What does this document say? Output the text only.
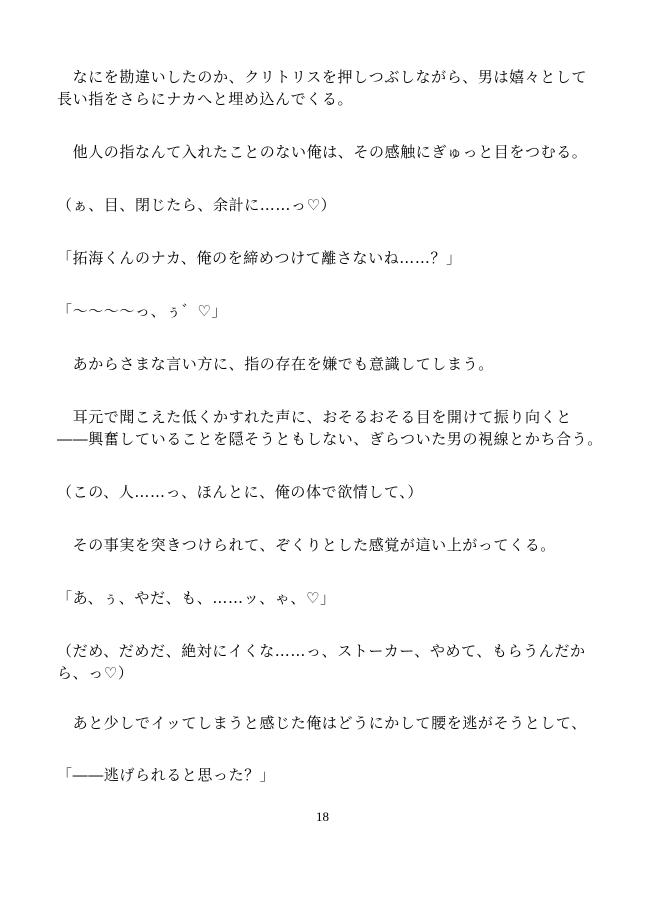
　なにを勘違いしたのか、クリトリスを押しつぶしながら、男は嬉々として
長い指をさらにナカへと埋め込んでくる。
　他人の指なんて入れたことのない俺は、その感触にぎゅっと目をつむる。
（ぁ、目、閉じたら、余計に……っ♡）
「拓海くんのナカ、俺のを締めつけて離さないね……？」
「～～～～っ、ぅ゛♡」
　あからさまな言い方に、指の存在を嫌でも意識してしまう。
　耳元で聞こえた低くかすれた声に、おそるおそる目を開けて振り向くと
――興奮していることを隠そうともしない、ぎらついた男の視線とかち合う。
（この、人……っ、ほんとに、俺の体で欲情して、）
　その事実を突きつけられて、ぞくりとした感覚が這い上がってくる。
「あ、ぅ、やだ、も、……ッ、ゃ、♡」
（だめ、だめだ、絶対にイくな……っ、ストーカー、やめて、もらうんだか
ら、っ♡）
　あと少しでイッてしまうと感じた俺はどうにかして腰を逃がそうとして、
「――逃げられると思った？」
18
